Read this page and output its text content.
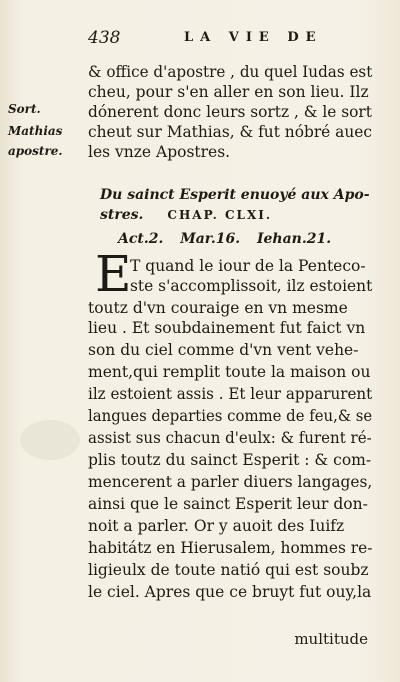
438	LA VIE DE
Sort.
Mathias
apostre.
& office d'apostre , du quel Iudas est
cheu, pour s'en aller en son lieu. Ilz
dónerent donc leurs sortz , & le sort
cheut sur Mathias, & fut nóbré auec
les vnze Apostres.
Du sainct Esperit enuoyé aux Apo-
stres. CHAP. CLXI.
Act.2. Mar.16. Iehan.21.
E
T quand le iour de la Penteco-
ste s'accomplissoit, ilz estoient
toutz d'vn couraige en vn mesme
lieu . Et soubdainement fut faict vn
son du ciel comme d'vn vent vehe-
ment,qui remplit toute la maison ou
ilz estoient assis . Et leur apparurent
langues departies comme de feu,& se
assist sus chacun d'eulx: & furent ré-
plis toutz du sainct Esperit : & com-
mencerent a parler diuers langages,
ainsi que le sainct Esperit leur don-
noit a parler. Or y auoit des Iuifz
habitátz en Hierusalem, hommes re-
ligieulx de toute natió qui est soubz
le ciel. Apres que ce bruyt fut ouy,la
multitude
